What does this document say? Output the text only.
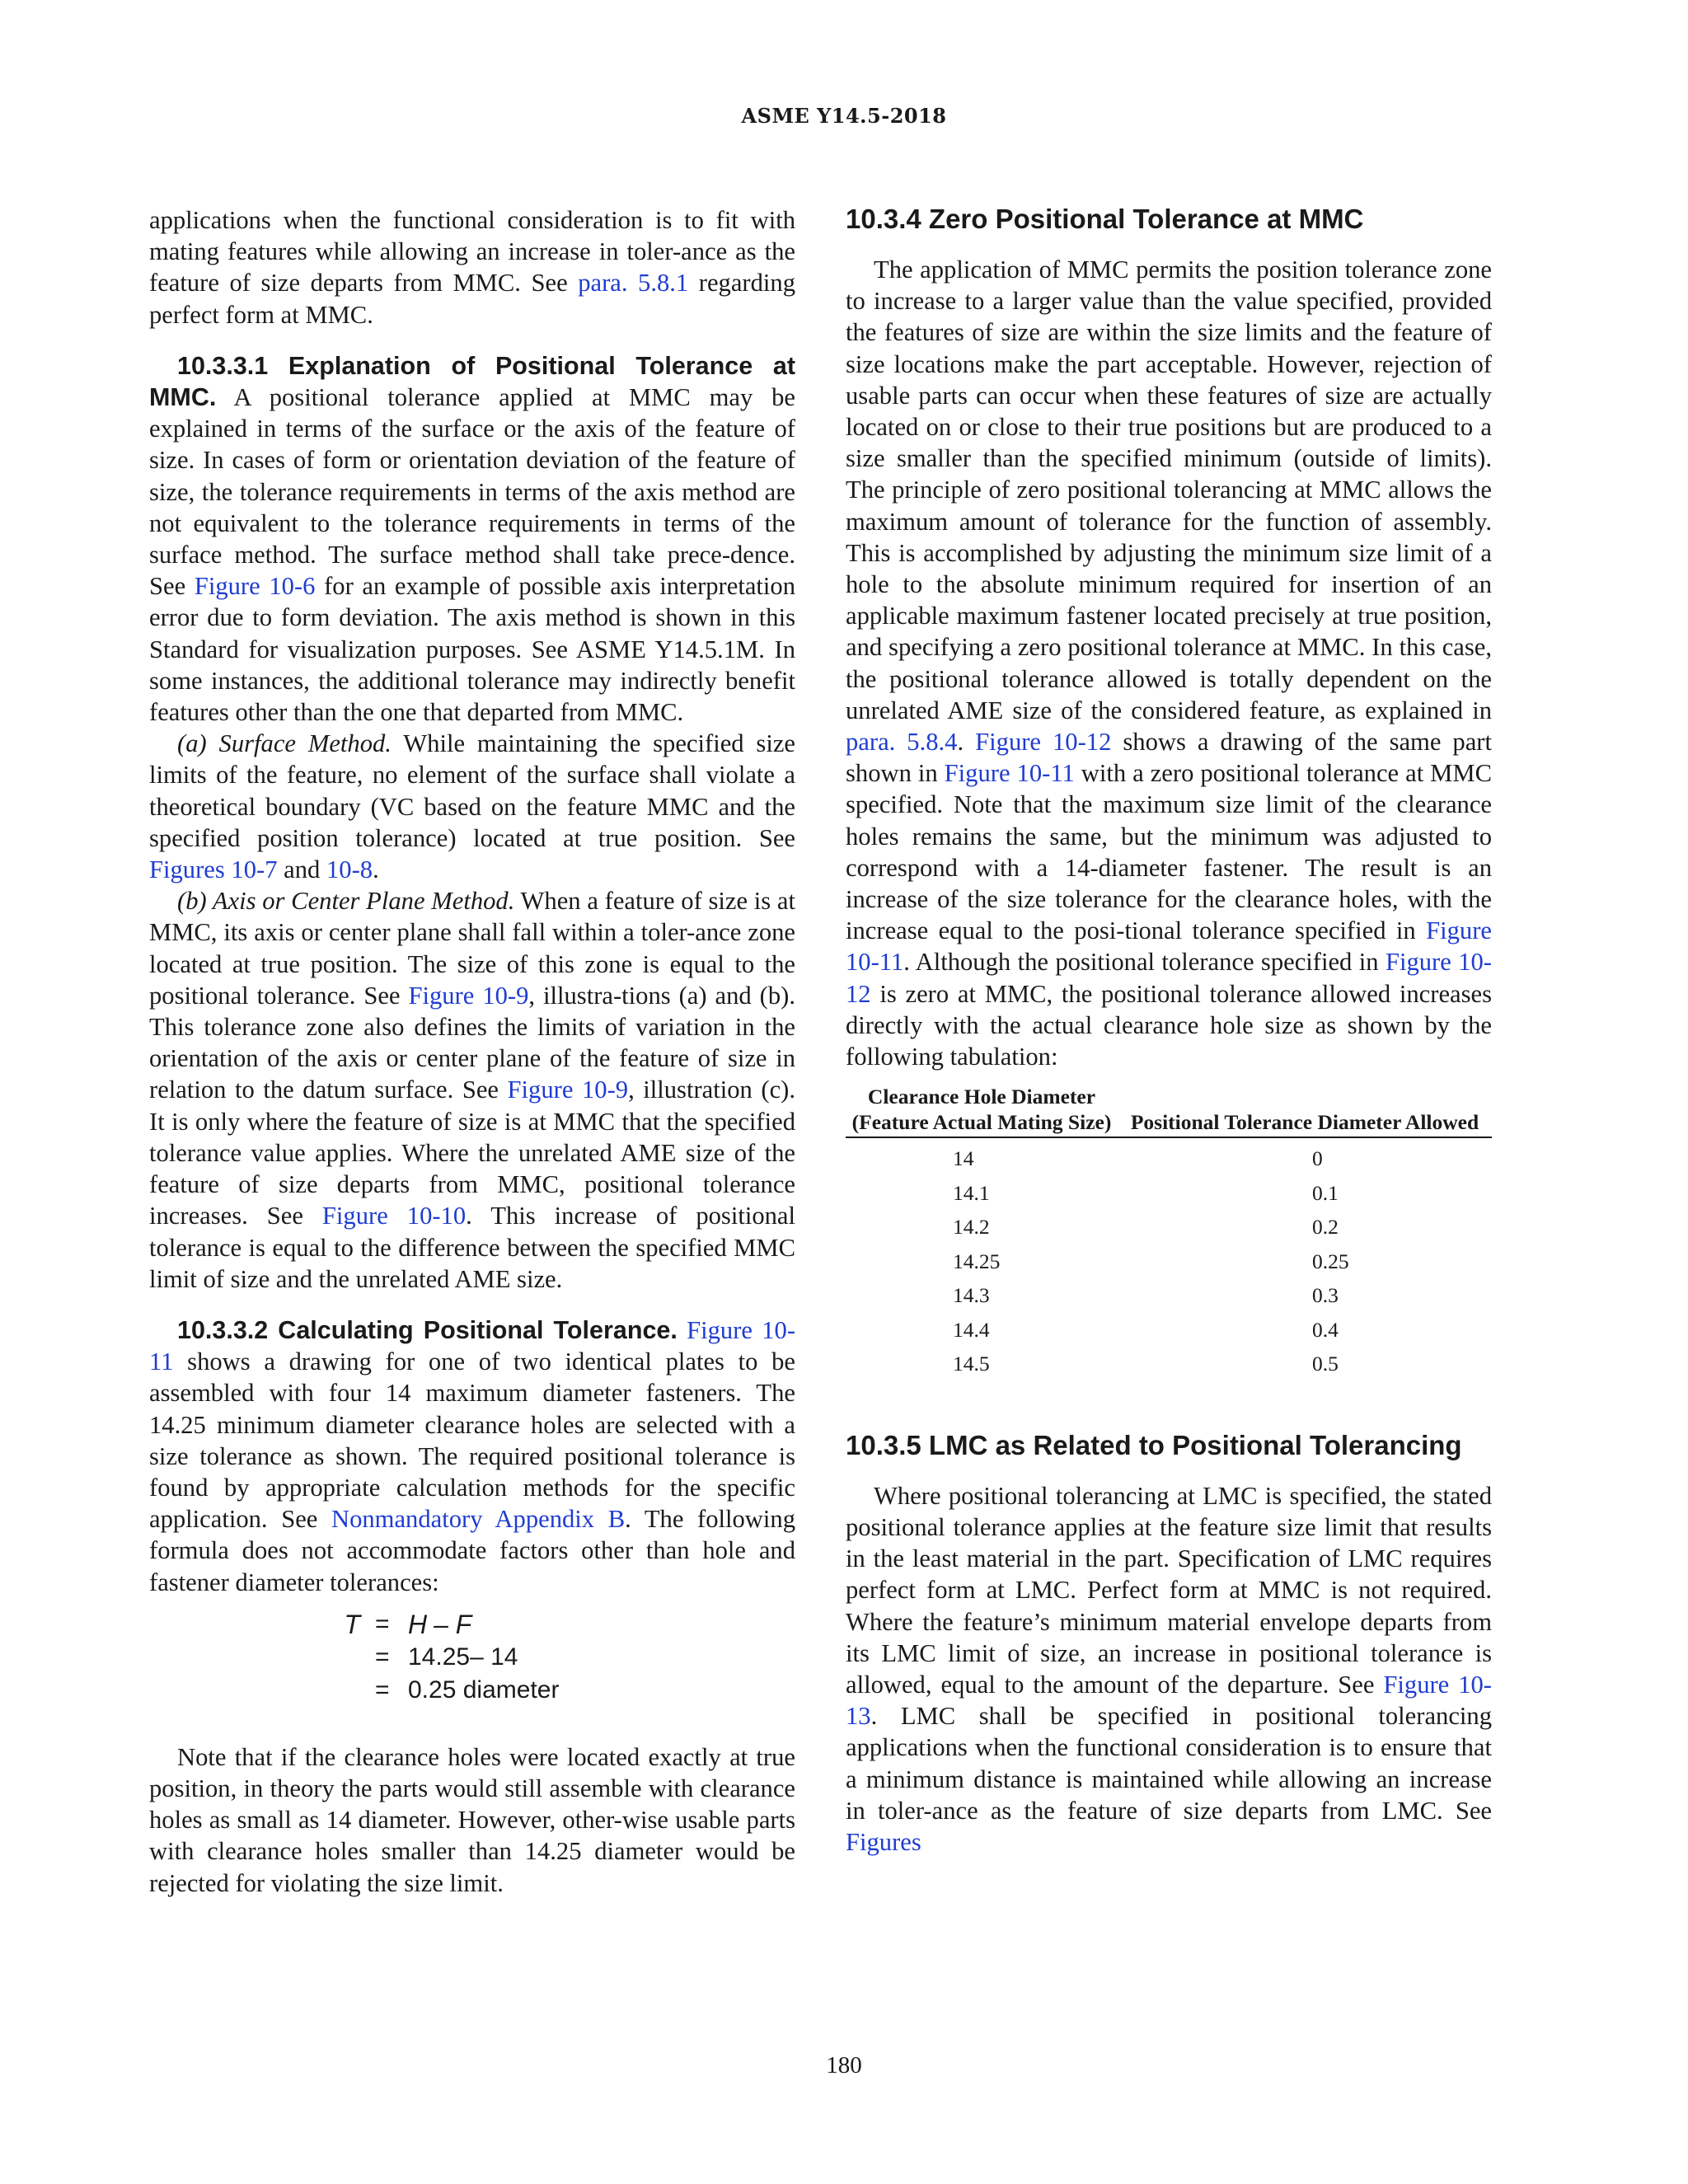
ASME Y14.5-2018

applications when the functional consideration is to fit with mating features while allowing an increase in toler-ance as the feature of size departs from MMC. See para. 5.8.1 regarding perfect form at MMC.

10.3.3.1 Explanation of Positional Tolerance at MMC. A positional tolerance applied at MMC may be explained in terms of the surface or the axis of the feature of size. In cases of form or orientation deviation of the feature of size, the tolerance requirements in terms of the axis method are not equivalent to the tolerance requirements in terms of the surface method. The surface method shall take prece-dence. See Figure 10-6 for an example of possible axis interpretation error due to form deviation. The axis method is shown in this Standard for visualization purposes. See ASME Y14.5.1M. In some instances, the additional tolerance may indirectly benefit features other than the one that departed from MMC.

(a) Surface Method. While maintaining the specified size limits of the feature, no element of the surface shall violate a theoretical boundary (VC based on the feature MMC and the specified position tolerance) located at true position. See Figures 10-7 and 10-8.

(b) Axis or Center Plane Method. When a feature of size is at MMC, its axis or center plane shall fall within a toler-ance zone located at true position. The size of this zone is equal to the positional tolerance. See Figure 10-9, illustra-tions (a) and (b). This tolerance zone also defines the limits of variation in the orientation of the axis or center plane of the feature of size in relation to the datum surface. See Figure 10-9, illustration (c). It is only where the feature of size is at MMC that the specified tolerance value applies. Where the unrelated AME size of the feature of size departs from MMC, positional tolerance increases. See Figure 10-10. This increase of positional tolerance is equal to the difference between the specified MMC limit of size and the unrelated AME size.

10.3.3.2 Calculating Positional Tolerance. Figure 10-11 shows a drawing for one of two identical plates to be assembled with four 14 maximum diameter fasteners. The 14.25 minimum diameter clearance holes are selected with a size tolerance as shown. The required positional tolerance is found by appropriate calculation methods for the specific application. See Nonmandatory Appendix B. The following formula does not accommodate factors other than hole and fastener diameter tolerances:

T = H – F
= 14.25– 14
= 0.25 diameter

Note that if the clearance holes were located exactly at true position, in theory the parts would still assemble with clearance holes as small as 14 diameter. However, other-wise usable parts with clearance holes smaller than 14.25 diameter would be rejected for violating the size limit.

10.3.4 Zero Positional Tolerance at MMC

The application of MMC permits the position tolerance zone to increase to a larger value than the value specified, provided the features of size are within the size limits and the feature of size locations make the part acceptable. However, rejection of usable parts can occur when these features of size are actually located on or close to their true positions but are produced to a size smaller than the specified minimum (outside of limits). The principle of zero positional tolerancing at MMC allows the maximum amount of tolerance for the function of assembly. This is accomplished by adjusting the minimum size limit of a hole to the absolute minimum required for insertion of an applicable maximum fastener located precisely at true position, and specifying a zero positional tolerance at MMC. In this case, the positional tolerance allowed is totally dependent on the unrelated AME size of the considered feature, as explained in para. 5.8.4. Figure 10-12 shows a drawing of the same part shown in Figure 10-11 with a zero positional tolerance at MMC specified. Note that the maximum size limit of the clearance holes remains the same, but the minimum was adjusted to correspond with a 14-diameter fastener. The result is an increase of the size tolerance for the clearance holes, with the increase equal to the posi-tional tolerance specified in Figure 10-11. Although the positional tolerance specified in Figure 10-12 is zero at MMC, the positional tolerance allowed increases directly with the actual clearance hole size as shown by the following tabulation:

Clearance Hole Diameter (Feature Actual Mating Size)	Positional Tolerance Diameter Allowed
14	0
14.1	0.1
14.2	0.2
14.25	0.25
14.3	0.3
14.4	0.4
14.5	0.5
10.3.5 LMC as Related to Positional Tolerancing

Where positional tolerancing at LMC is specified, the stated positional tolerance applies at the feature size limit that results in the least material in the part. Specification of LMC requires perfect form at LMC. Perfect form at MMC is not required. Where the feature’s minimum material envelope departs from its LMC limit of size, an increase in positional tolerance is allowed, equal to the amount of the departure. See Figure 10-13. LMC shall be specified in positional tolerancing applications when the functional consideration is to ensure that a minimum distance is maintained while allowing an increase in toler-ance as the feature of size departs from LMC. See Figures

180
